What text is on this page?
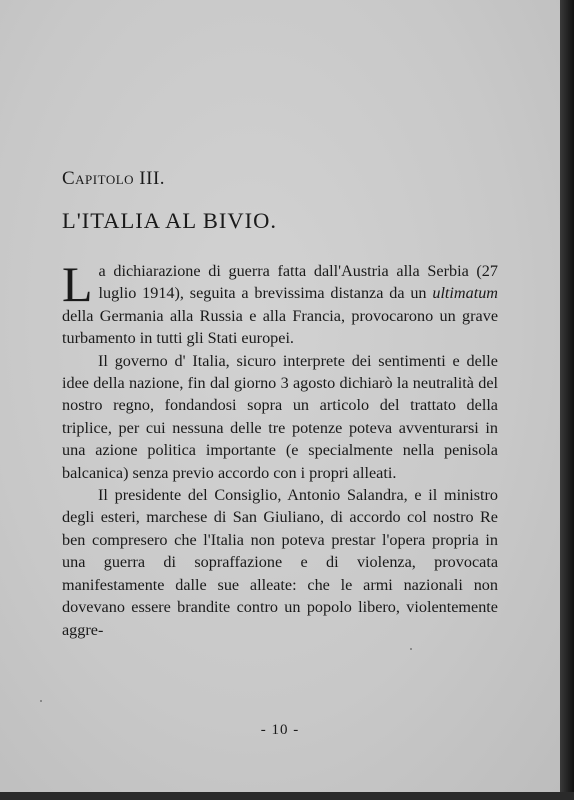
Capitolo III.
L'ITALIA AL BIVIO.

La dichiarazione di guerra fatta dall'Austria alla Serbia (27 luglio 1914), seguita a brevissima distanza da un ultimatum della Germania alla Russia e alla Francia, provocarono un grave turbamento in tutti gli Stati europei.

Il governo d' Italia, sicuro interprete dei sentimenti e delle idee della nazione, fin dal giorno 3 agosto dichiarò la neutralità del nostro regno, fondandosi sopra un articolo del trattato della triplice, per cui nessuna delle tre potenze poteva avventurarsi in una azione politica importante (e specialmente nella penisola balcanica) senza previo accordo con i propri alleati.

Il presidente del Consiglio, Antonio Salandra, e il ministro degli esteri, marchese di San Giuliano, di accordo col nostro Re ben compresero che l'Italia non poteva prestar l'opera propria in una guerra di sopraffazione e di violenza, provocata manifestamente dalle sue alleate: che le armi nazionali non dovevano essere brandite contro un popolo libero, violentemente aggre-

- 10 -
